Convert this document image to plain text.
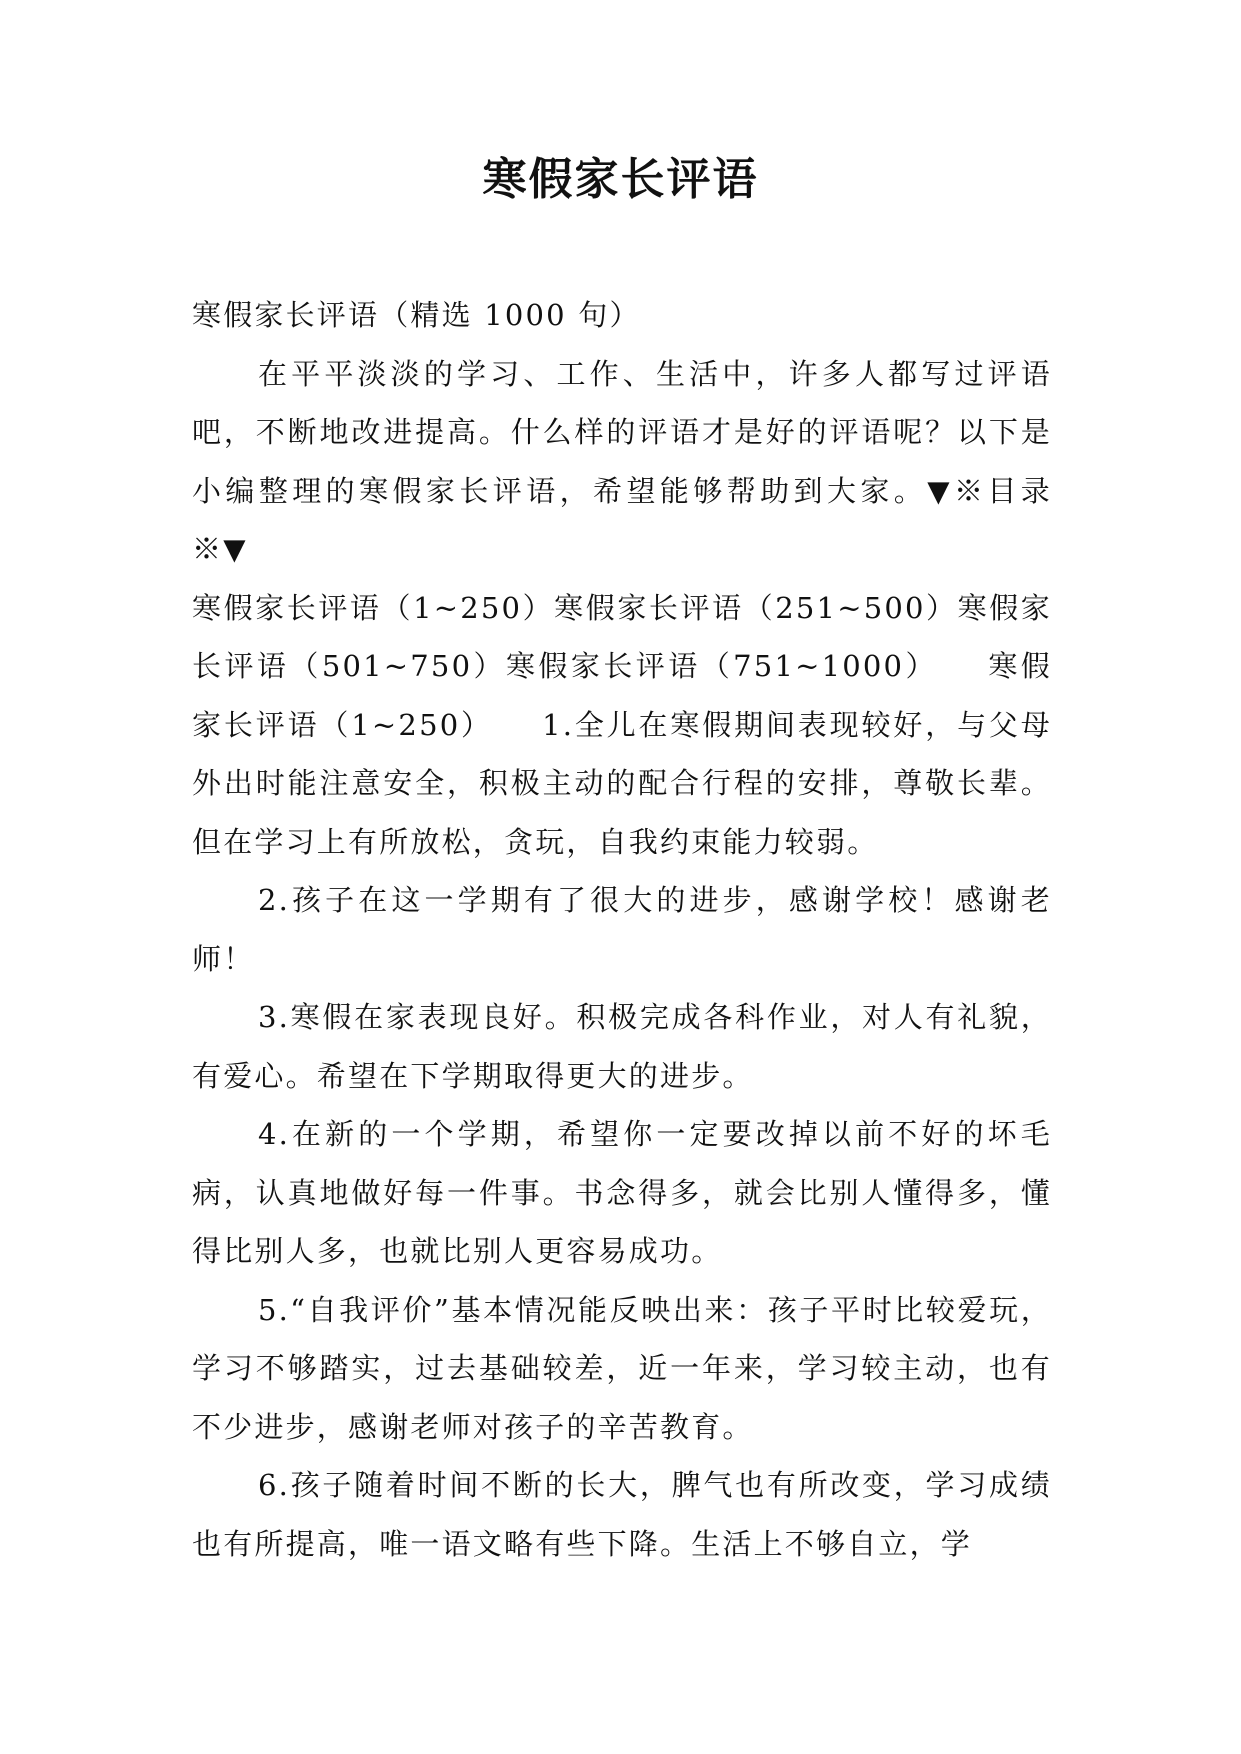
寒假家长评语

寒假家长评语（精选 1000 句）

在平平淡淡的学习、工作、生活中，许多人都写过评语吧，不断地改进提高。什么样的评语才是好的评语呢？以下是小编整理的寒假家长评语，希望能够帮助到大家。▼※目录※▼

寒假家长评语（1~250）寒假家长评语（251~500）寒假家长评语（501~750）寒假家长评语（751~1000）　　寒假家长评语（1~250）　　1.全儿在寒假期间表现较好，与父母外出时能注意安全，积极主动的配合行程的安排，尊敬长辈。但在学习上有所放松，贪玩，自我约束能力较弱。

2.孩子在这一学期有了很大的进步，感谢学校！感谢老师！

3.寒假在家表现良好。积极完成各科作业，对人有礼貌，有爱心。希望在下学期取得更大的进步。

4.在新的一个学期，希望你一定要改掉以前不好的坏毛病，认真地做好每一件事。书念得多，就会比别人懂得多，懂得比别人多，也就比别人更容易成功。

5.“自我评价”基本情况能反映出来：孩子平时比较爱玩，学习不够踏实，过去基础较差，近一年来，学习较主动，也有不少进步，感谢老师对孩子的辛苦教育。

6.孩子随着时间不断的长大，脾气也有所改变，学习成绩也有所提高，唯一语文略有些下降。生活上不够自立，学
